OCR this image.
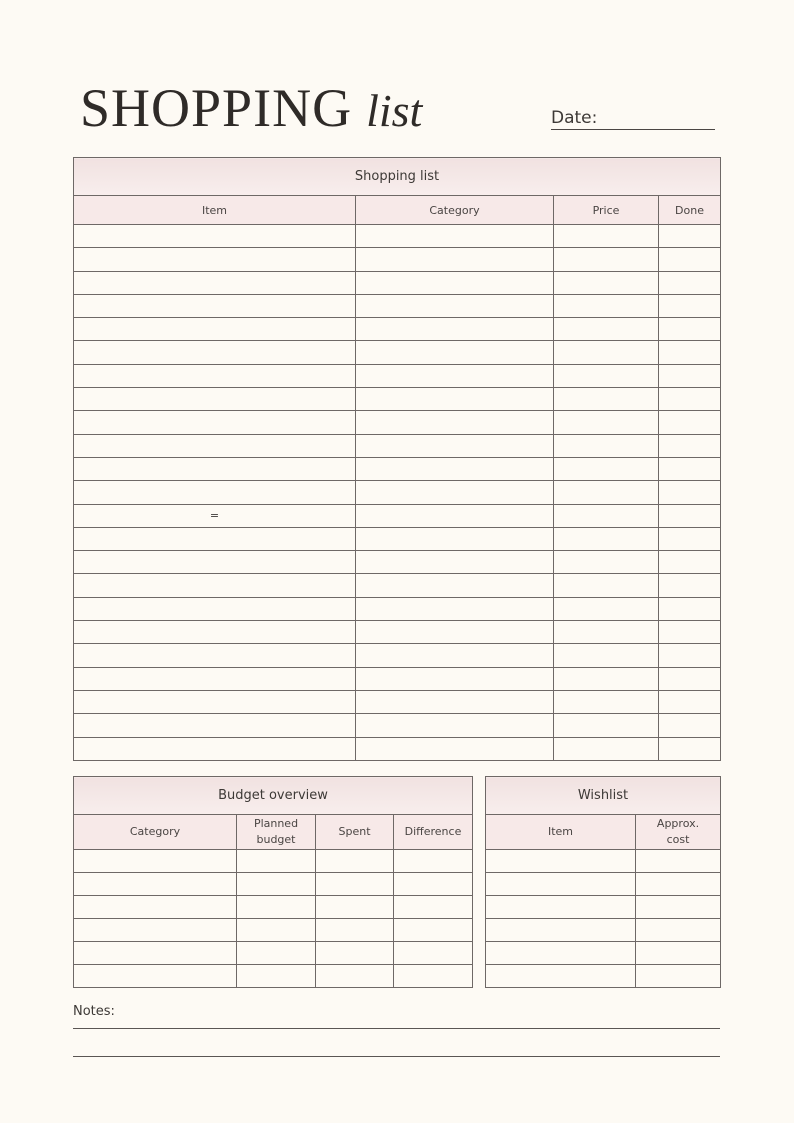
SHOPPING list	Date:
Shopping list			
Item	Category	Price	Done

=			

Budget overview			
Category	Planned budget	Spent	Difference

Wishlist	
Item	Approx. cost

Notes:
